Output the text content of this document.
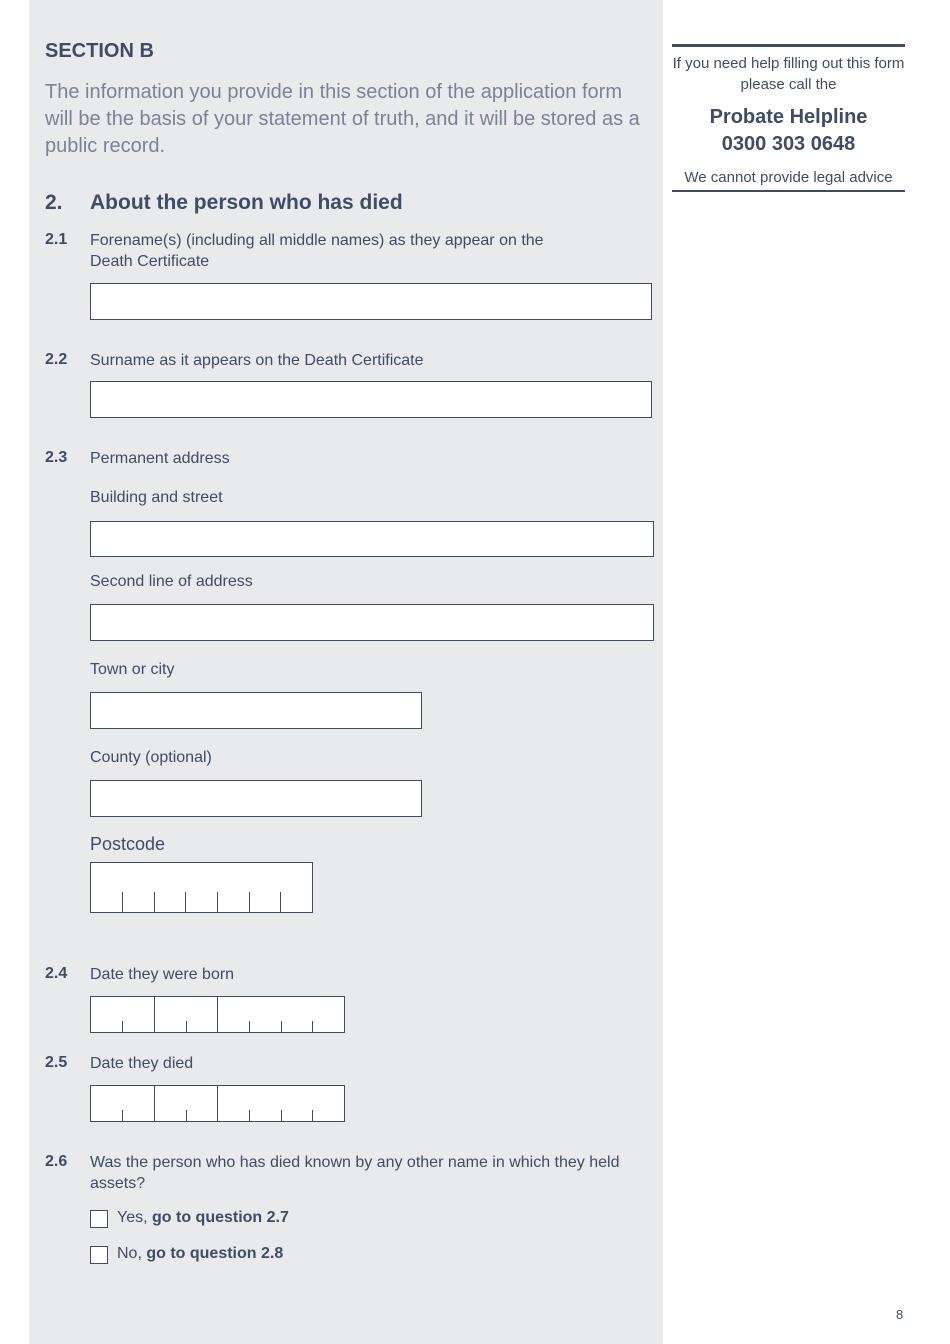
SECTION B
The information you provide in this section of the application form will be the basis of your statement of truth, and it will be stored as a public record.
2. About the person who has died
2.1 Forename(s) (including all middle names) as they appear on the Death Certificate
2.2 Surname as it appears on the Death Certificate
2.3 Permanent address
Building and street
Second line of address
Town or city
County (optional)
Postcode
2.4 Date they were born
2.5 Date they died
2.6 Was the person who has died known by any other name in which they held assets?
Yes, go to question 2.7
No, go to question 2.8
If you need help filling out this form please call the
Probate Helpline
0300 303 0648
We cannot provide legal advice
8
